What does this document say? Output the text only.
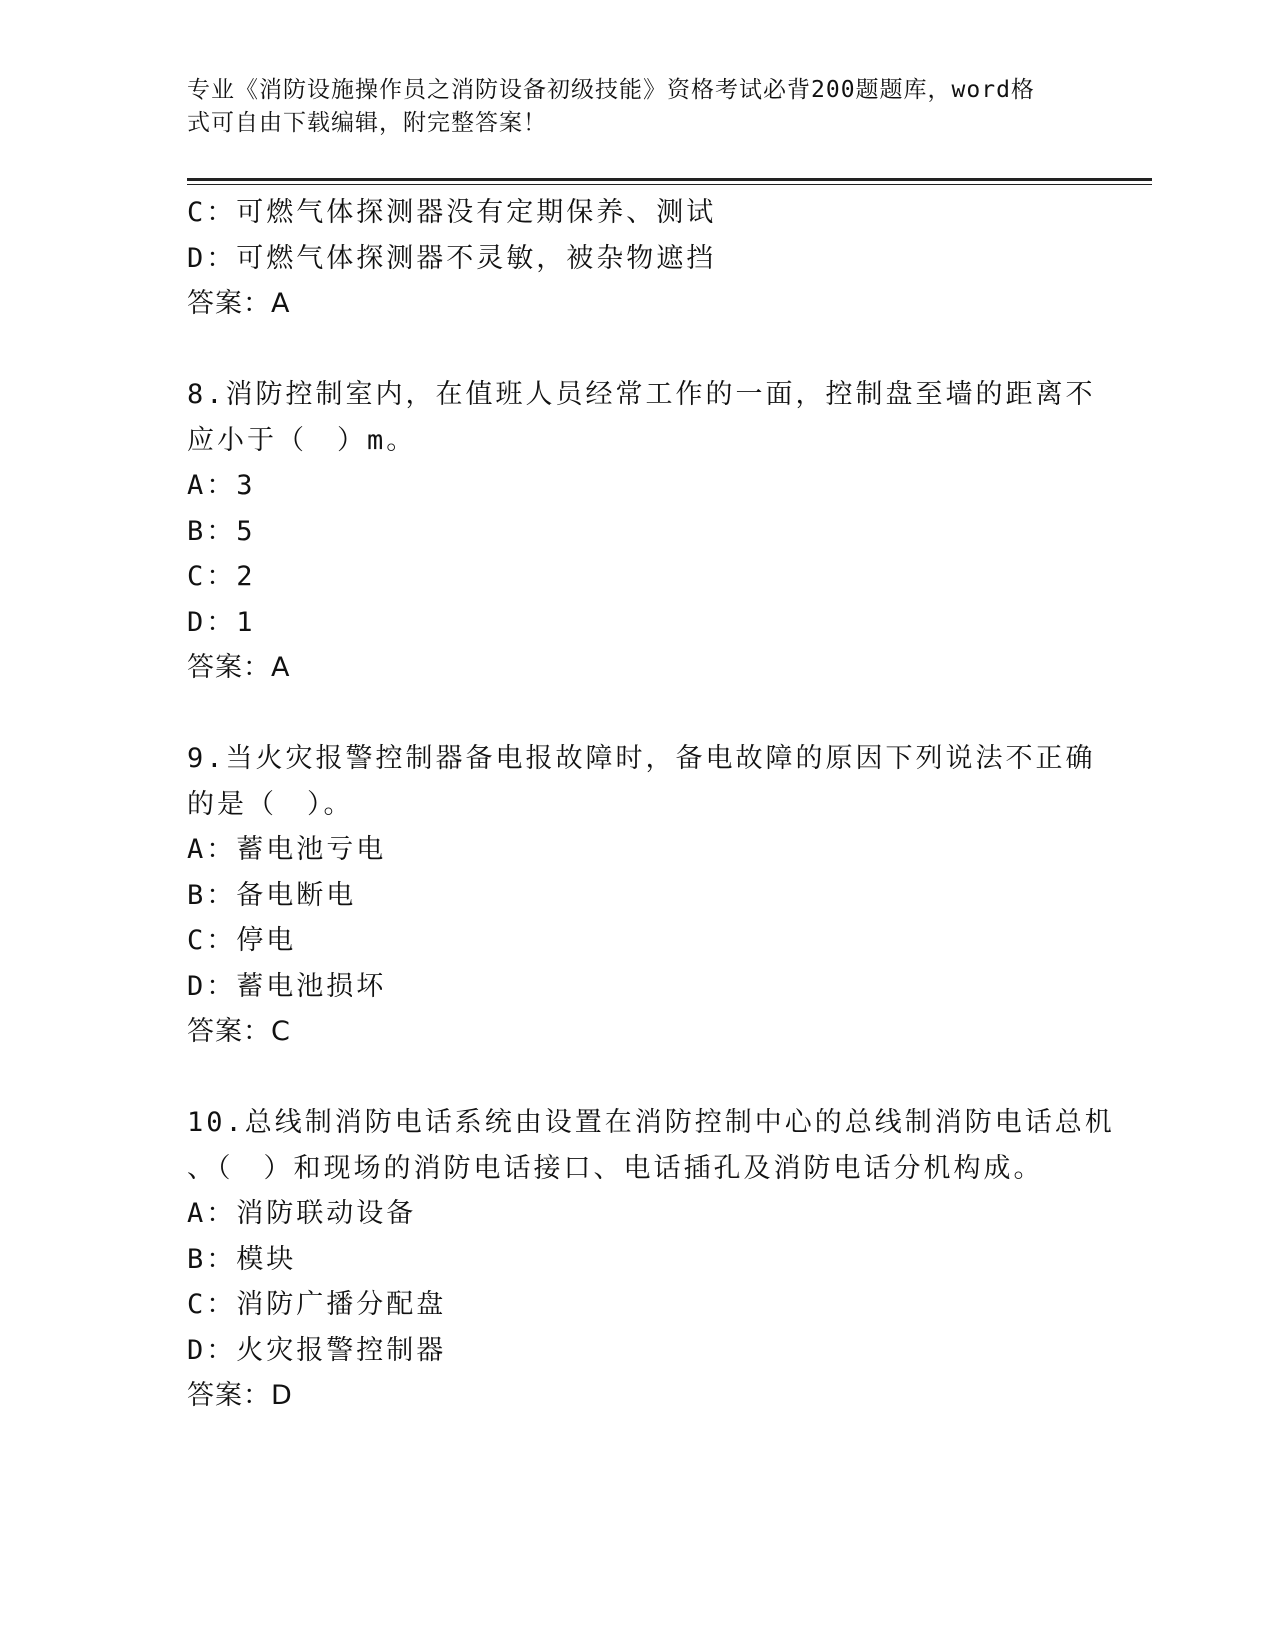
专业《消防设施操作员之消防设备初级技能》资格考试必背200题题库，word格
式可自由下载编辑，附完整答案！
C：可燃气体探测器没有定期保养、测试
D：可燃气体探测器不灵敏，被杂物遮挡
答案：A
8.消防控制室内，在值班人员经常工作的一面，控制盘至墙的距离不
应小于（　）m。
A：3
B：5
C：2
D：1
答案：A
9.当火灾报警控制器备电报故障时，备电故障的原因下列说法不正确
的是（　）。
A：蓄电池亏电
B：备电断电
C：停电
D：蓄电池损坏
答案：C
10.总线制消防电话系统由设置在消防控制中心的总线制消防电话总机
、（　）和现场的消防电话接口、电话插孔及消防电话分机构成。
A：消防联动设备
B：模块
C：消防广播分配盘
D：火灾报警控制器
答案：D
